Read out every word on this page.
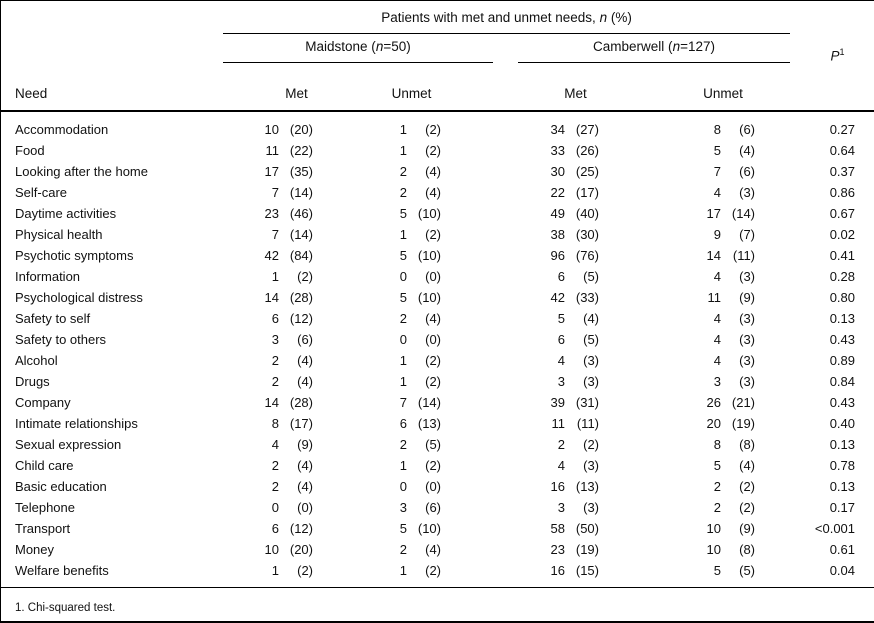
Need	Patients with met and unmet needs, n (%)				$P^1$

	Maidstone (n=50)		Camberwell (n=127)		

	Met	Unmet	Met	Unmet	
Accommodation	10 (20)	1 (2)	34 (27)	8 (6)	0.27
Food	11 (22)	1 (2)	33 (26)	5 (4)	0.64
Looking after the home	17 (35)	2 (4)	30 (25)	7 (6)	0.37
Self-care	7 (14)	2 (4)	22 (17)	4 (3)	0.86
Daytime activities	23 (46)	5 (10)	49 (40)	17 (14)	0.67
Physical health	7 (14)	1 (2)	38 (30)	9 (7)	0.02
Psychotic symptoms	42 (84)	5 (10)	96 (76)	14 (11)	0.41
Information	1 (2)	0 (0)	6 (5)	4 (3)	0.28
Psychological distress	14 (28)	5 (10)	42 (33)	11 (9)	0.80
Safety to self	6 (12)	2 (4)	5 (4)	4 (3)	0.13
Safety to others	3 (6)	0 (0)	6 (5)	4 (3)	0.43
Alcohol	2 (4)	1 (2)	4 (3)	4 (3)	0.89
Drugs	2 (4)	1 (2)	3 (3)	3 (3)	0.84
Company	14 (28)	7 (14)	39 (31)	26 (21)	0.43
Intimate relationships	8 (17)	6 (13)	11 (11)	20 (19)	0.40
Sexual expression	4 (9)	2 (5)	2 (2)	8 (8)	0.13
Child care	2 (4)	1 (2)	4 (3)	5 (4)	0.78
Basic education	2 (4)	0 (0)	16 (13)	2 (2)	0.13
Telephone	0 (0)	3 (6)	3 (3)	2 (2)	0.17
Transport	6 (12)	5 (10)	58 (50)	10 (9)	<0.001
Money	10 (20)	2 (4)	23 (19)	10 (8)	0.61
Welfare benefits	1 (2)	1 (2)	16 (15)	5 (5)	0.04
1. Chi-squared test.					
